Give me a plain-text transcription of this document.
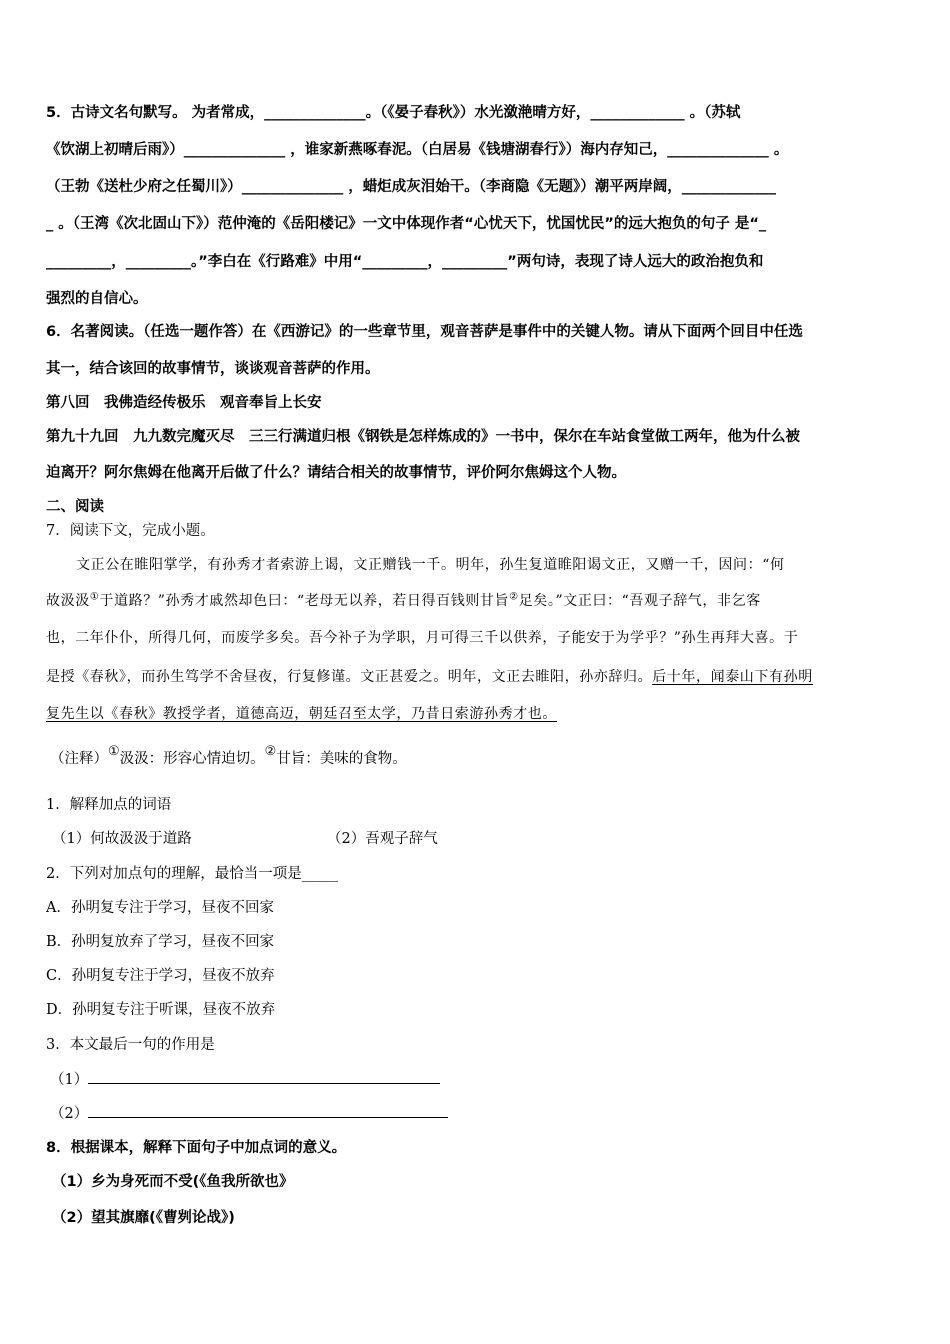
5．古诗文名句默写。 为者常成，______________。（《晏子春秋》）水光潋滟晴方好，_____________ 。（苏轼
《饮湖上初晴后雨》）______________ ，谁家新燕啄春泥。（白居易《钱塘湖春行》）海内存知己，______________ 。
（王勃《送杜少府之任蜀川》）______________ ，蜡炬成灰泪始干。（李商隐《无题》）潮平两岸阔，_____________
_ 。（王湾《次北固山下》）范仲淹的《岳阳楼记》一文中体现作者“心忧天下，忧国忧民”的远大抱负的句子 是“_
_________，_________。”李白在《行路难》中用“_________，_________”两句诗，表现了诗人远大的政治抱负和
强烈的自信心。
6．名著阅读。（任选一题作答）在《西游记》的一些章节里，观音菩萨是事件中的关键人物。请从下面两个回目中任选
其一，结合该回的故事情节，谈谈观音菩萨的作用。
第八回　我佛造经传极乐　观音奉旨上长安
第九十九回　九九数完魔灭尽　三三行满道归根《钢铁是怎样炼成的》一书中，保尔在车站食堂做工两年，他为什么被
迫离开？阿尔焦姆在他离开后做了什么？请结合相关的故事情节，评价阿尔焦姆这个人物。
二、阅读
7．阅读下文，完成小题。
文正公在睢阳掌学，有孙秀才者索游上谒，文正赠钱一千。明年，孙生复道睢阳谒文正，又赠一千，因问：“何
故汲汲①于道路？”孙秀才戚然却色曰：“老母无以养，若日得百钱则甘旨②足矣。”文正曰：“吾观子辞气，非乞客
也，二年仆仆，所得几何，而废学多矣。吾今补子为学职，月可得三千以供养，子能安于为学乎？”孙生再拜大喜。于
是授《春秋》，而孙生笃学不舍昼夜，行复修谨。文正甚爱之。明年，文正去睢阳，孙亦辞归。后十年，闻泰山下有孙明
复先生以《春秋》教授学者，道德高迈，朝廷召至太学，乃昔日索游孙秀才也。
（注释）①汲汲：形容心情迫切。②甘旨：美味的食物。
1．解释加点的词语
（1）何故汲汲于道路	（2）吾观子辞气
2．下列对加点句的理解，最恰当一项是_____
A．孙明复专注于学习，昼夜不回家
B．孙明复放弃了学习，昼夜不回家
C．孙明复专注于学习，昼夜不放弃
D．孙明复专注于听课，昼夜不放弃
3．本文最后一句的作用是
（1）
（2）
8．根据课本，解释下面句子中加点词的意义。
（1）乡为身死而不受(《鱼我所欲也》
（2）望其旗靡(《曹刿论战》)
